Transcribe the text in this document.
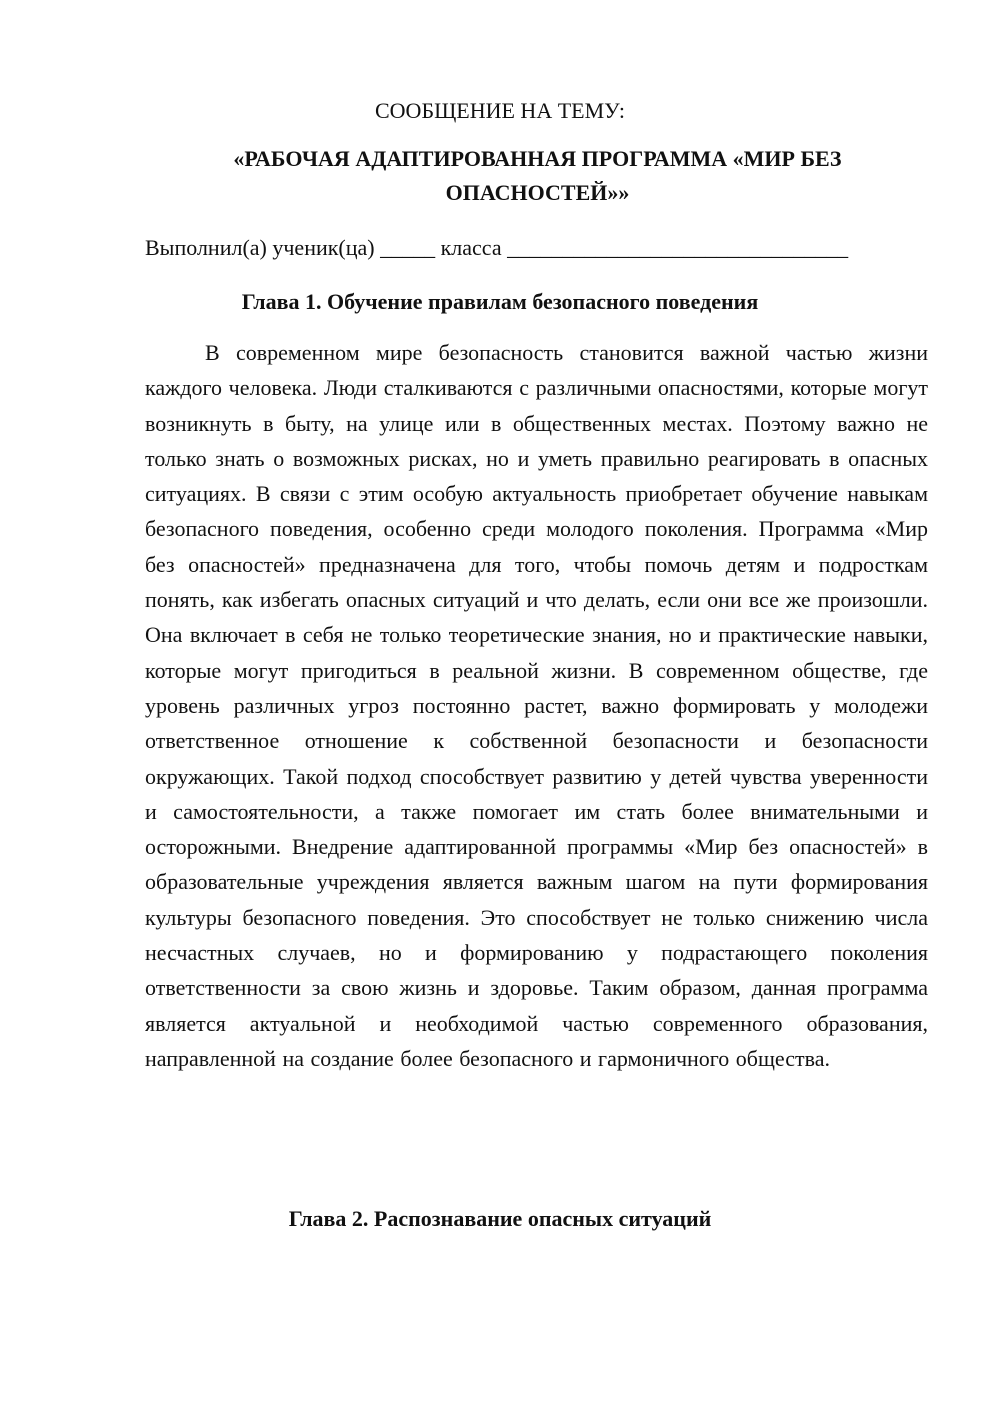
СООБЩЕНИЕ НА ТЕМУ:

«РАБОЧАЯ АДАПТИРОВАННАЯ ПРОГРАММА «МИР БЕЗ ОПАСНОСТЕЙ»»

Выполнил(а) ученик(ца) _____ класса _______________________________

Глава 1. Обучение правилам безопасного поведения

В современном мире безопасность становится важной частью жизни каждого человека. Люди сталкиваются с различными опасностями, которые могут возникнуть в быту, на улице или в общественных местах. Поэтому важно не только знать о возможных рисках, но и уметь правильно реагировать в опасных ситуациях. В связи с этим особую актуальность приобретает обучение навыкам безопасного поведения, особенно среди молодого поколения. Программа «Мир без опасностей» предназначена для того, чтобы помочь детям и подросткам понять, как избегать опасных ситуаций и что делать, если они все же произошли. Она включает в себя не только теоретические знания, но и практические навыки, которые могут пригодиться в реальной жизни. В современном обществе, где уровень различных угроз постоянно растет, важно формировать у молодежи ответственное отношение к собственной безопасности и безопасности окружающих. Такой подход способствует развитию у детей чувства уверенности и самостоятельности, а также помогает им стать более внимательными и осторожными. Внедрение адаптированной программы «Мир без опасностей» в образовательные учреждения является важным шагом на пути формирования культуры безопасного поведения. Это способствует не только снижению числа несчастных случаев, но и формированию у подрастающего поколения ответственности за свою жизнь и здоровье. Таким образом, данная программа является актуальной и необходимой частью современного образования, направленной на создание более безопасного и гармоничного общества.

Глава 2. Распознавание опасных ситуаций
